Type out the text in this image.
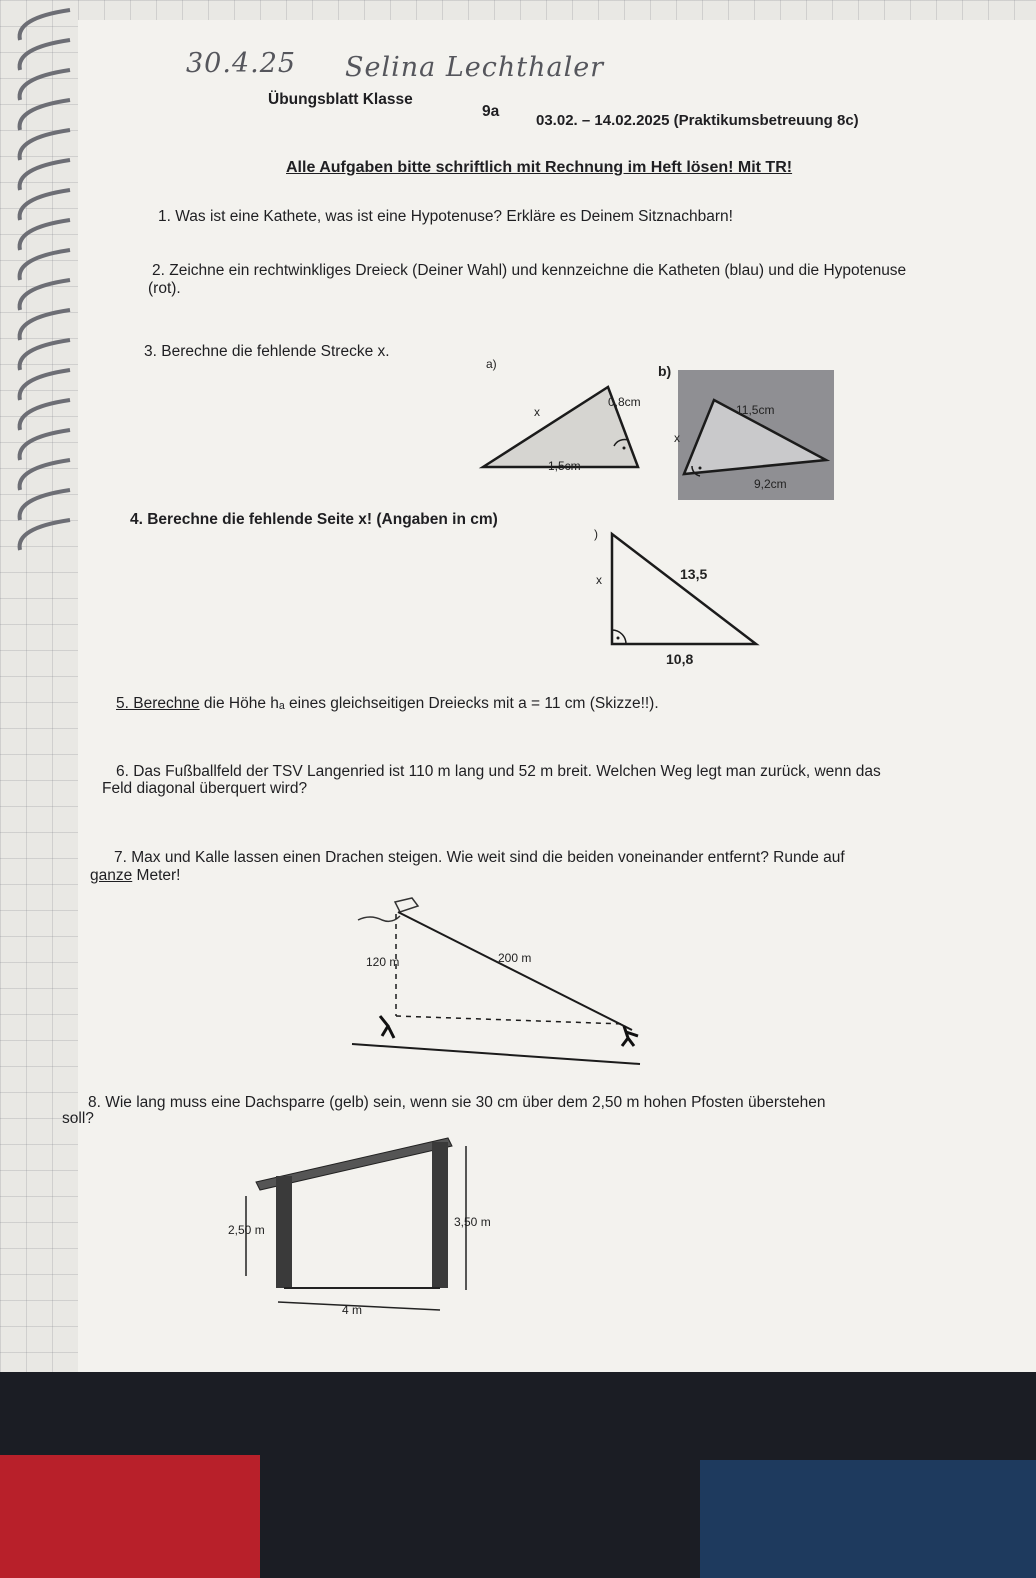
30.4.25 Selina Lechthaler
Übungsblatt Klasse
9a
03.02. – 14.02.2025 (Praktikumsbetreuung 8c)
Alle Aufgaben bitte schriftlich mit Rechnung im Heft lösen! Mit TR!
1. Was ist eine Kathete, was ist eine Hypotenuse? Erkläre es Deinem Sitznachbarn!
2. Zeichne ein rechtwinkliges Dreieck (Deiner Wahl) und kennzeichne die Katheten (blau) und die Hypotenuse
(rot).
3. Berechne die fehlende Strecke x.
a)
x
0,8cm
1,5cm
b)
11,5cm
x
9,2cm
4. Berechne die fehlende Seite x! (Angaben in cm)
)
x	13,5
10,8
5. Berechne die Höhe hₐ eines gleichseitigen Dreiecks mit a = 11 cm (Skizze!!).
6. Das Fußballfeld der TSV Langenried ist 110 m lang und 52 m breit. Welchen Weg legt man zurück, wenn das
Feld diagonal überquert wird?
7. Max und Kalle lassen einen Drachen steigen. Wie weit sind die beiden voneinander entfernt? Runde auf
ganze Meter!
120 m	200 m
8. Wie lang muss eine Dachsparre (gelb) sein, wenn sie 30 cm über dem 2,50 m hohen Pfosten überstehen
soll?
2,50 m
3,50 m
4 m
